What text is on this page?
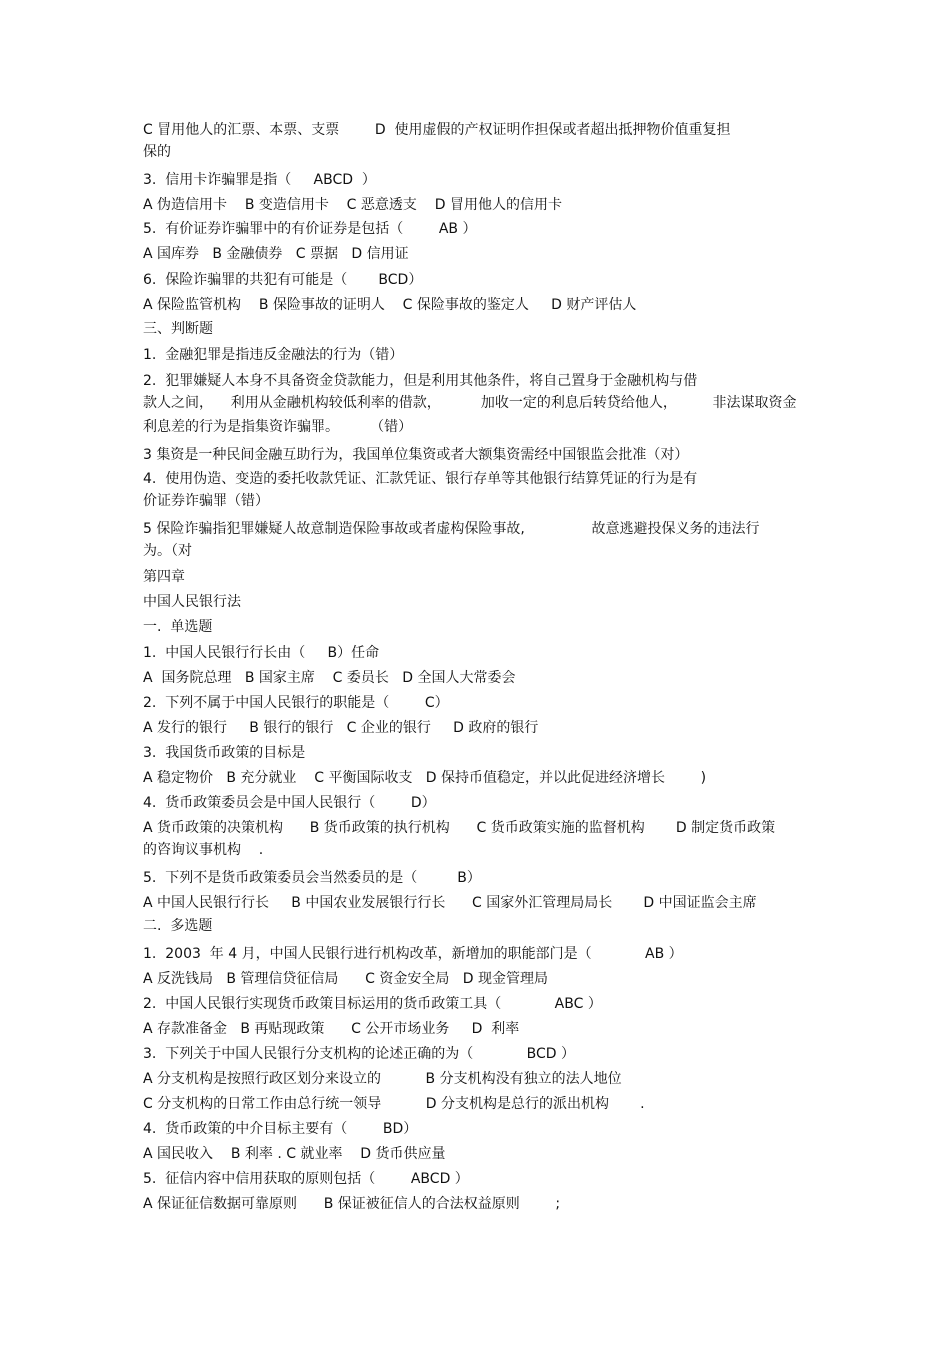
C 冒用他人的汇票、本票、支票        D  使用虚假的产权证明作担保或者超出抵押物价值重复担
保的
3.  信用卡诈骗罪是指（     ABCD  ）
A 伪造信用卡    B 变造信用卡    C 恶意透支    D 冒用他人的信用卡
5.  有价证券诈骗罪中的有价证券是包括（        AB ）
A 国库券   B 金融债券   C 票据   D 信用证
6.  保险诈骗罪的共犯有可能是（       BCD）
A 保险监管机构    B 保险事故的证明人    C 保险事故的鉴定人     D 财产评估人
三、判断题
1.  金融犯罪是指违反金融法的行为（错）
2.  犯罪嫌疑人本身不具备资金贷款能力，但是利用其他条件，将自己置身于金融机构与借
款人之间，    利用从金融机构较低利率的借款，         加收一定的利息后转贷给他人，        非法谋取资金
利息差的行为是指集资诈骗罪。       （错）
3 集资是一种民间金融互助行为，我国单位集资或者大额集资需经中国银监会批准（对）
4.  使用伪造、变造的委托收款凭证、汇款凭证、银行存单等其他银行结算凭证的行为是有
价证券诈骗罪（错）
5 保险诈骗指犯罪嫌疑人故意制造保险事故或者虚构保险事故,               故意逃避投保义务的违法行
为。（对
第四章
中国人民银行法
一.  单选题
1.  中国人民银行行长由（     B）任命
A  国务院总理   B 国家主席    C 委员长   D 全国人大常委会
2.  下列不属于中国人民银行的职能是（        C）
A 发行的银行     B 银行的银行   C 企业的银行     D 政府的银行
3.  我国货币政策的目标是
A 稳定物价   B 充分就业    C 平衡国际收支   D 保持币值稳定，并以此促进经济增长        )
4.  货币政策委员会是中国人民银行（        D）
A 货币政策的决策机构      B 货币政策的执行机构      C 货币政策实施的监督机构       D 制定货币政策
的咨询议事机构    .
5.  下列不是货币政策委员会当然委员的是（         B）
A 中国人民银行行长     B 中国农业发展银行行长      C 国家外汇管理局局长       D 中国证监会主席
二.  多选题
1.  2003  年 4 月，中国人民银行进行机构改革，新增加的职能部门是（            AB ）
A 反洗钱局   B 管理信贷征信局      C 资金安全局   D 现金管理局
2.  中国人民银行实现货币政策目标运用的货币政策工具（            ABC ）
A 存款准备金   B 再贴现政策      C 公开市场业务     D  利率
3.  下列关于中国人民银行分支机构的论述正确的为（            BCD ）
A 分支机构是按照行政区划分来设立的          B 分支机构没有独立的法人地位
C 分支机构的日常工作由总行统一领导          D 分支机构是总行的派出机构       .
4.  货币政策的中介目标主要有（        BD）
A 国民收入    B 利率 . C 就业率    D 货币供应量
5.  征信内容中信用获取的原则包括（        ABCD ）
A 保证征信数据可靠原则      B 保证被征信人的合法权益原则        ;
